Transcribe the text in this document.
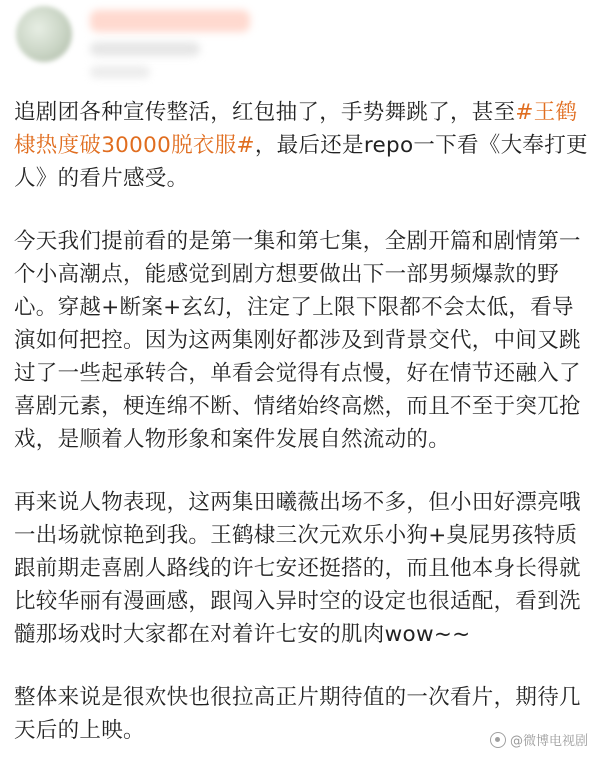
追剧团各种宣传整活，红包抽了，手势舞跳了，甚至#王鹤棣热度破30000脱衣服#，最后还是repo一下看《大奉打更人》的看片感受。

今天我们提前看的是第一集和第七集，全剧开篇和剧情第一个小高潮点，能感觉到剧方想要做出下一部男频爆款的野心。穿越+断案+玄幻，注定了上限下限都不会太低，看导演如何把控。因为这两集刚好都涉及到背景交代，中间又跳过了一些起承转合，单看会觉得有点慢，好在情节还融入了喜剧元素，梗连绵不断、情绪始终高燃，而且不至于突兀抢戏，是顺着人物形象和案件发展自然流动的。

再来说人物表现，这两集田曦薇出场不多，但小田好漂亮哦一出场就惊艳到我。王鹤棣三次元欢乐小狗+臭屁男孩特质跟前期走喜剧人路线的许七安还挺搭的，而且他本身长得就比较华丽有漫画感，跟闯入异时空的设定也很适配，看到洗髓那场戏时大家都在对着许七安的肌肉wow~~

整体来说是很欢快也很拉高正片期待值的一次看片，期待几天后的上映。	@微博电视剧
